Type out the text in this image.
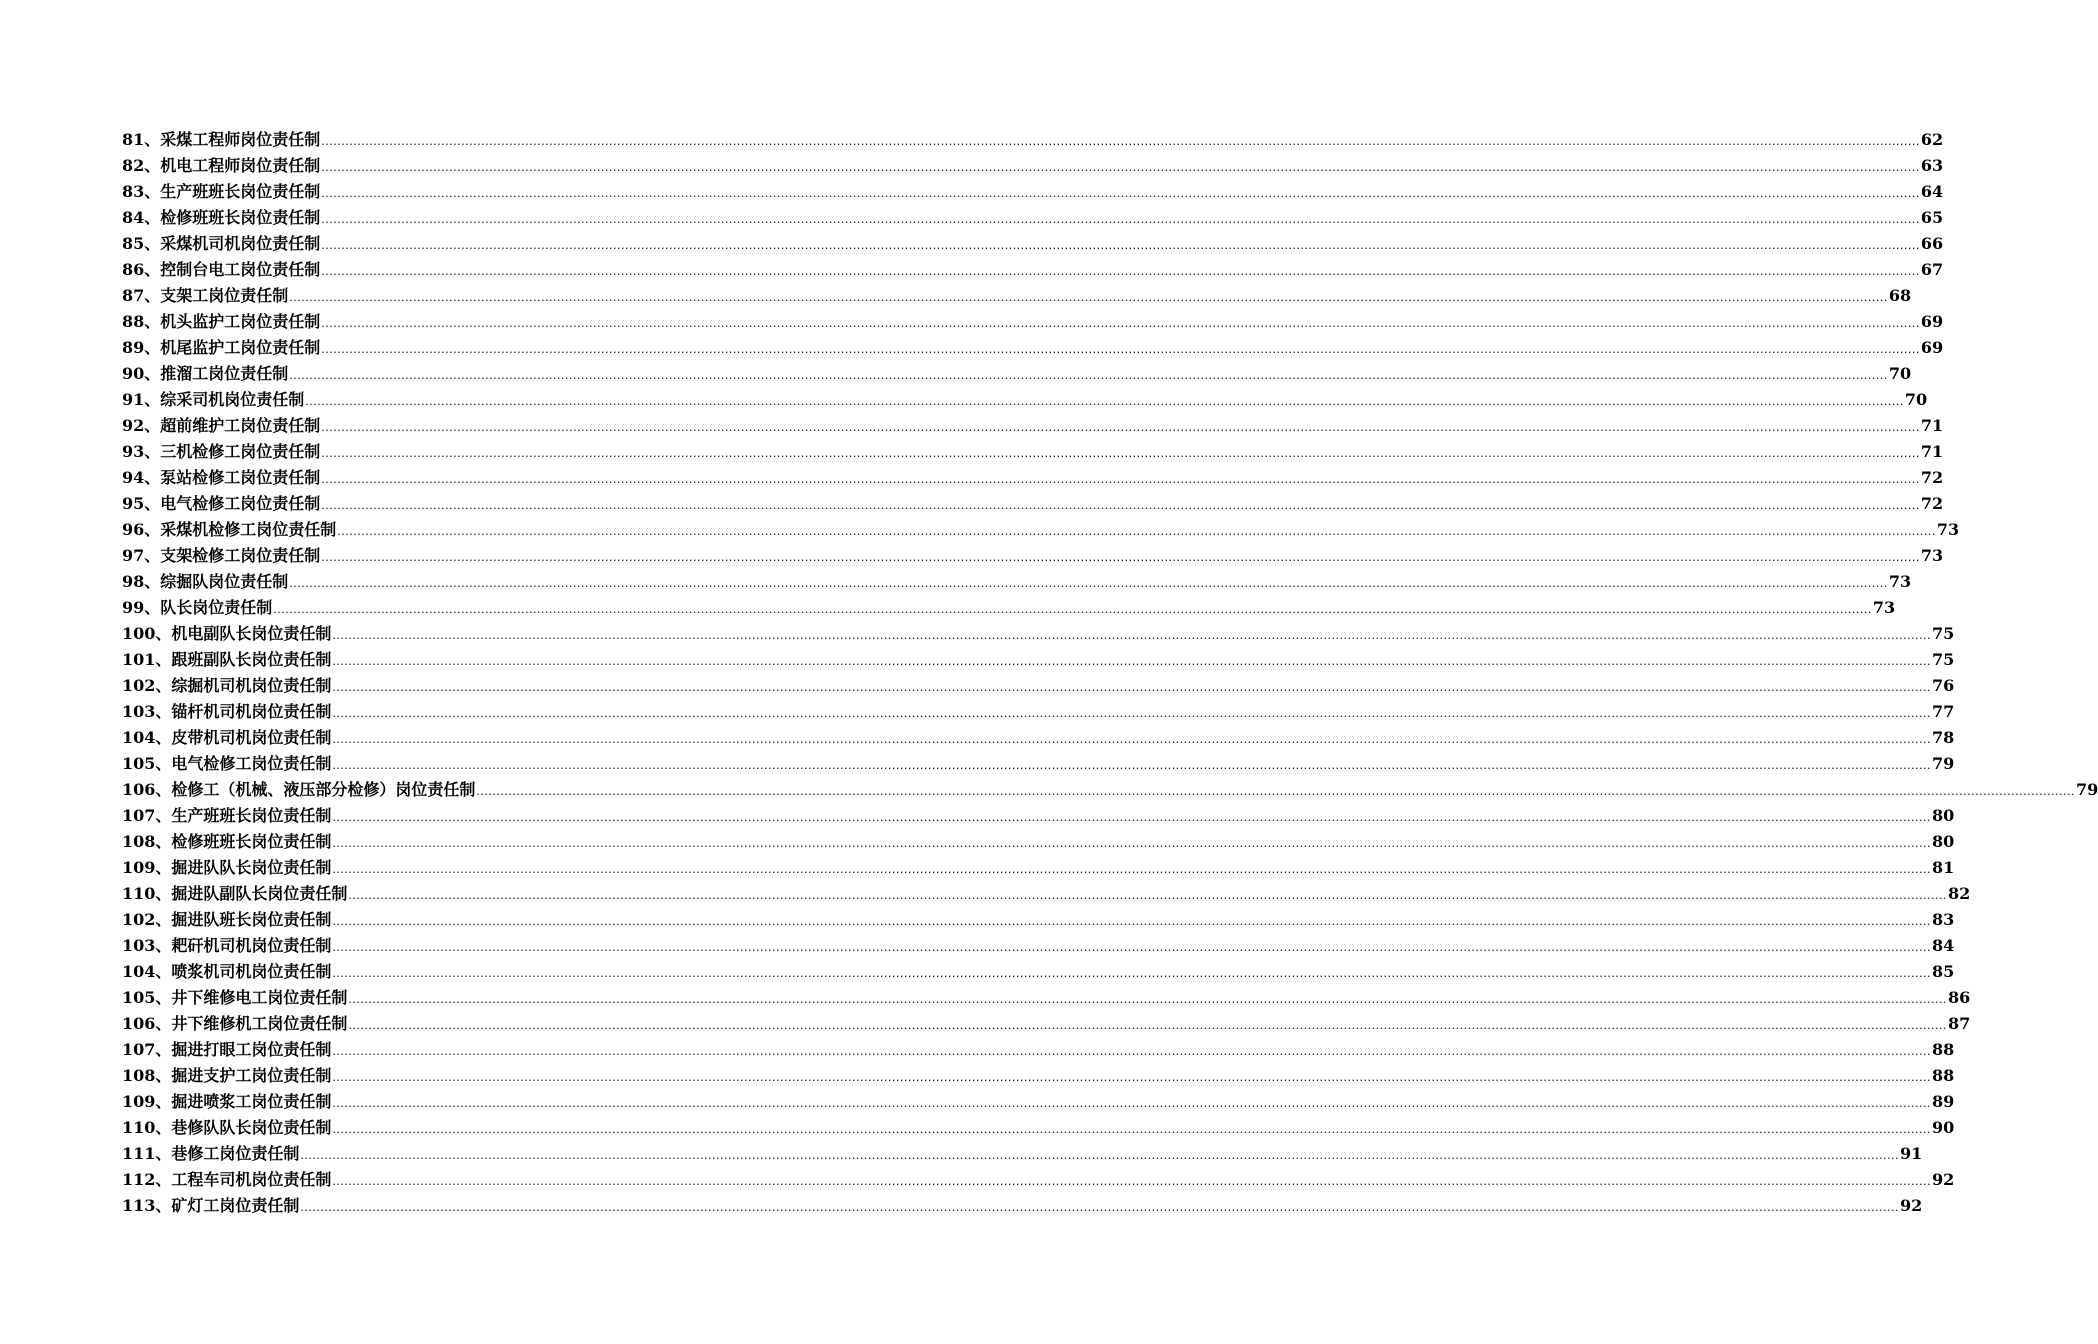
81、采煤工程师岗位责任制 ................................................................................................................................................................................................................................................................................................................................................................................................................ 62
82、机电工程师岗位责任制 ................................................................................................................................................................................................................................................................................................................................................................................................................ 63
83、生产班班长岗位责任制 ................................................................................................................................................................................................................................................................................................................................................................................................................ 64
84、检修班班长岗位责任制 ................................................................................................................................................................................................................................................................................................................................................................................................................ 65
85、采煤机司机岗位责任制 ................................................................................................................................................................................................................................................................................................................................................................................................................ 66
86、控制台电工岗位责任制 ................................................................................................................................................................................................................................................................................................................................................................................................................ 67
87、支架工岗位责任制 ................................................................................................................................................................................................................................................................................................................................................................................................................ 68
88、机头监护工岗位责任制 ................................................................................................................................................................................................................................................................................................................................................................................................................ 69
89、机尾监护工岗位责任制 ................................................................................................................................................................................................................................................................................................................................................................................................................ 69
90、推溜工岗位责任制 ................................................................................................................................................................................................................................................................................................................................................................................................................ 70
91、综采司机岗位责任制 ................................................................................................................................................................................................................................................................................................................................................................................................................ 70
92、超前维护工岗位责任制 ................................................................................................................................................................................................................................................................................................................................................................................................................ 71
93、三机检修工岗位责任制 ................................................................................................................................................................................................................................................................................................................................................................................................................ 71
94、泵站检修工岗位责任制 ................................................................................................................................................................................................................................................................................................................................................................................................................ 72
95、电气检修工岗位责任制 ................................................................................................................................................................................................................................................................................................................................................................................................................ 72
96、采煤机检修工岗位责任制 ................................................................................................................................................................................................................................................................................................................................................................................................................ 73
97、支架检修工岗位责任制 ................................................................................................................................................................................................................................................................................................................................................................................................................ 73
98、综掘队岗位责任制 ................................................................................................................................................................................................................................................................................................................................................................................................................ 73
99、队长岗位责任制 ................................................................................................................................................................................................................................................................................................................................................................................................................ 73
100、机电副队长岗位责任制 ................................................................................................................................................................................................................................................................................................................................................................................................................ 75
101、跟班副队长岗位责任制 ................................................................................................................................................................................................................................................................................................................................................................................................................ 75
102、综掘机司机岗位责任制 ................................................................................................................................................................................................................................................................................................................................................................................................................ 76
103、锚杆机司机岗位责任制 ................................................................................................................................................................................................................................................................................................................................................................................................................ 77
104、皮带机司机岗位责任制 ................................................................................................................................................................................................................................................................................................................................................................................................................ 78
105、电气检修工岗位责任制 ................................................................................................................................................................................................................................................................................................................................................................................................................ 79
106、检修工（机械、液压部分检修）岗位责任制 ................................................................................................................................................................................................................................................................................................................................................................................................................ 79
107、生产班班长岗位责任制 ................................................................................................................................................................................................................................................................................................................................................................................................................ 80
108、检修班班长岗位责任制 ................................................................................................................................................................................................................................................................................................................................................................................................................ 80
109、掘进队队长岗位责任制 ................................................................................................................................................................................................................................................................................................................................................................................................................ 81
110、掘进队副队长岗位责任制 ................................................................................................................................................................................................................................................................................................................................................................................................................ 82
102、掘进队班长岗位责任制 ................................................................................................................................................................................................................................................................................................................................................................................................................ 83
103、耙矸机司机岗位责任制 ................................................................................................................................................................................................................................................................................................................................................................................................................ 84
104、喷浆机司机岗位责任制 ................................................................................................................................................................................................................................................................................................................................................................................................................ 85
105、井下维修电工岗位责任制 ................................................................................................................................................................................................................................................................................................................................................................................................................ 86
106、井下维修机工岗位责任制 ................................................................................................................................................................................................................................................................................................................................................................................................................ 87
107、掘进打眼工岗位责任制 ................................................................................................................................................................................................................................................................................................................................................................................................................ 88
108、掘进支护工岗位责任制 ................................................................................................................................................................................................................................................................................................................................................................................................................ 88
109、掘进喷浆工岗位责任制 ................................................................................................................................................................................................................................................................................................................................................................................................................ 89
110、巷修队队长岗位责任制 ................................................................................................................................................................................................................................................................................................................................................................................................................ 90
111、巷修工岗位责任制 ................................................................................................................................................................................................................................................................................................................................................................................................................ 91
112、工程车司机岗位责任制 ................................................................................................................................................................................................................................................................................................................................................................................................................ 92
113、矿灯工岗位责任制 ................................................................................................................................................................................................................................................................................................................................................................................................................ 92
